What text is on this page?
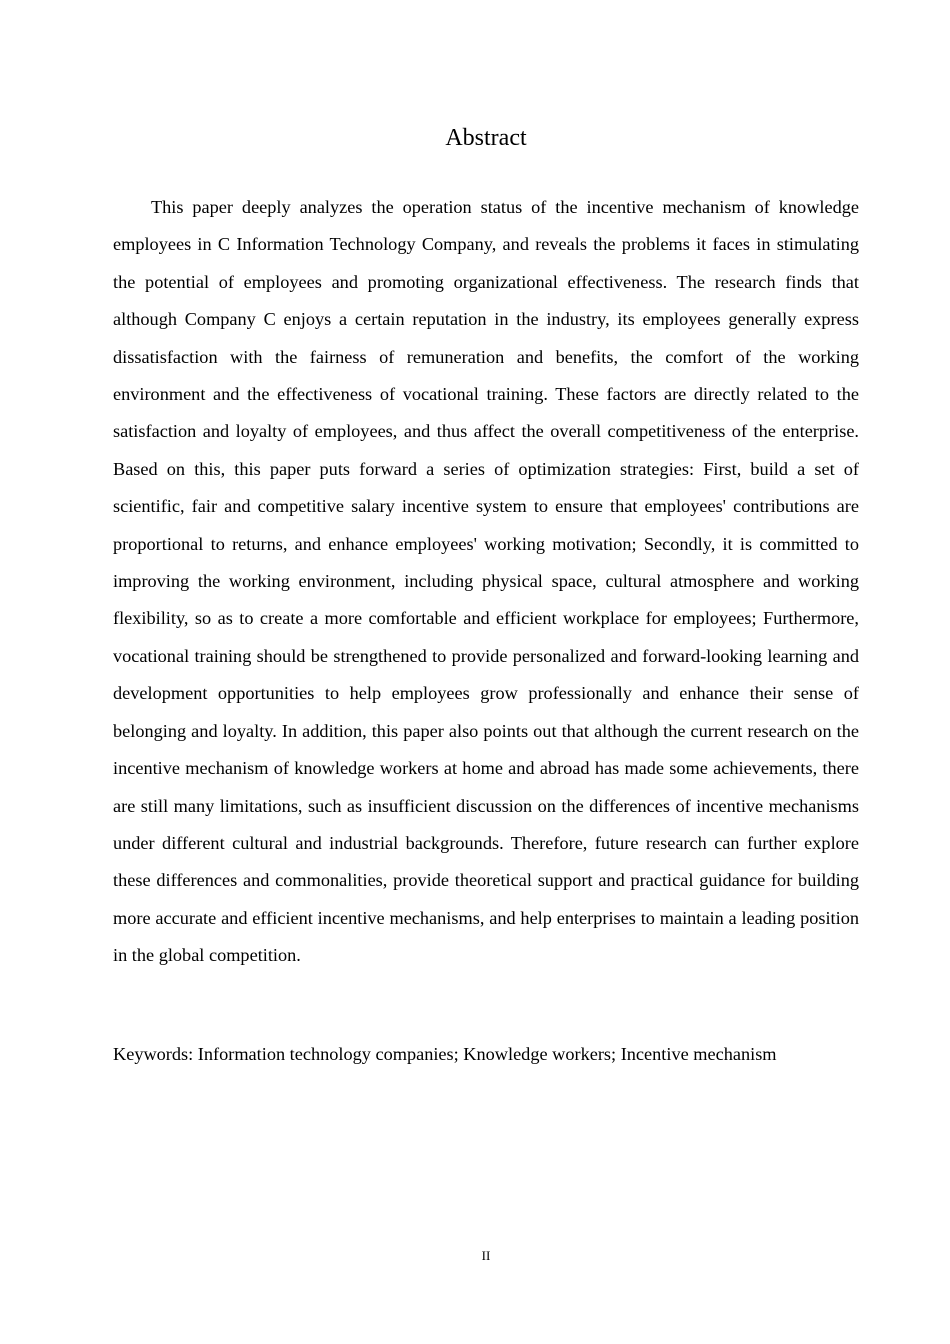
Abstract

This paper deeply analyzes the operation status of the incentive mechanism of knowledge employees in C Information Technology Company, and reveals the problems it faces in stimulating the potential of employees and promoting organizational effectiveness. The research finds that although Company C enjoys a certain reputation in the industry, its employees generally express dissatisfaction with the fairness of remuneration and benefits, the comfort of the working environment and the effectiveness of vocational training. These factors are directly related to the satisfaction and loyalty of employees, and thus affect the overall competitiveness of the enterprise. Based on this, this paper puts forward a series of optimization strategies: First, build a set of scientific, fair and competitive salary incentive system to ensure that employees' contributions are proportional to returns, and enhance employees' working motivation; Secondly, it is committed to improving the working environment, including physical space, cultural atmosphere and working flexibility, so as to create a more comfortable and efficient workplace for employees; Furthermore, vocational training should be strengthened to provide personalized and forward-looking learning and development opportunities to help employees grow professionally and enhance their sense of belonging and loyalty. In addition, this paper also points out that although the current research on the incentive mechanism of knowledge workers at home and abroad has made some achievements, there are still many limitations, such as insufficient discussion on the differences of incentive mechanisms under different cultural and industrial backgrounds. Therefore, future research can further explore these differences and commonalities, provide theoretical support and practical guidance for building more accurate and efficient incentive mechanisms, and help enterprises to maintain a leading position in the global competition.

Keywords: Information technology companies; Knowledge workers; Incentive mechanism

II
